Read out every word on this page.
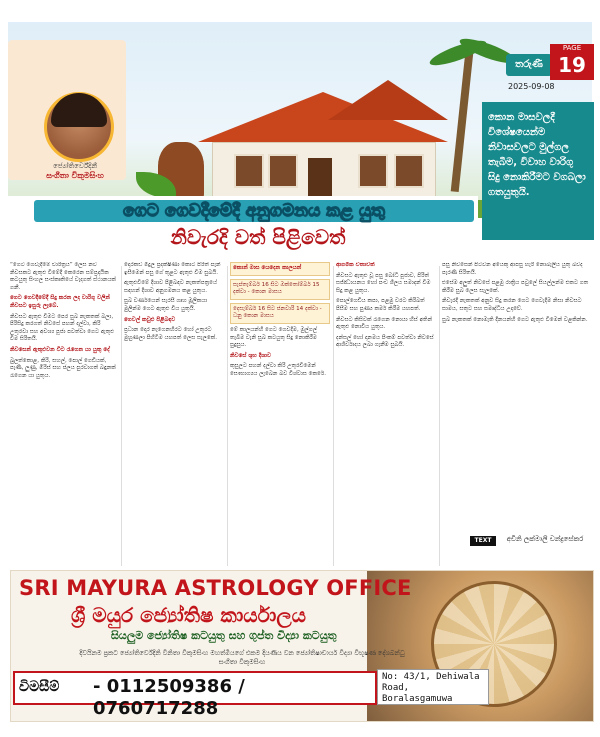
ජ්‍යෝතිර්වේදිනී
සංගීතා විකුමසිංහ
තරුණී
PAGE
19
2025-09-08
කොන මාසවලදී විශේෂයෙන්ම නිවාසවලට මුල්ගල තැබීම, විවාහ වාරිගු සිදු නොකිරීමට වගබලා ගතයුතුයි.
ගෙට ගෙවදීමේදී අනුගමනය කළ යුතු
නිවැරදි වත් පිළිවෙත්

“ගෙට ගෙවැදීමේ චාරිත්‍රය” ලෙස නව නිවසකට ඇතුළු වීමේදී කෙරෙන සම්ප්‍රදායික කටයුතු සිංහල සංස්කෘතියේ වැදගත් ස්ථානයක් ගනී.

ගෙට ගෙවදීමේදී සිදු කරන ලද වාරිගු වලින් නිවසට ඉසුරු ලැබේ.

නිවසට ඇතුළු වීමට පෙර සුබ නැකතක් බලා, පිරිසිදු කරගත් නිවසේ පහන් දල්වා, කිරි උතුරවා සහ අවශ්‍ය පූජා පවත්වා ගෙට ඇතුළු වීම සිරිතයි.

නිවසෙන් ඇතුළුවන විට රැගෙන යා යුතු දේ

බුලත්කොළ, කිරි, සහල්, පොල් ගෙඩියක්, පැණි, ලුණු, මිරිස් සහ ජලය පුරවාගත් බඳුනක් රැගෙන යා යුතුය.

දොරකඩ මිදුල ප්‍රදක්ෂිණා කොට පිරිත් පැන් ඉසීමෙන් පසු ගේ තුළට ඇතුළු වීම සුබයි.

ඇතුළුවීමේ දිශාව පිළිබඳව නැකත්පත්‍රයේ සඳහන් දිශාව අනුගමනය කළ යුතුය.

සුබ වර්ණයෙන් සැරසී ගෘහ මූලිකයා මුලින්ම ගෙට ඇතුළු විය යුතුයි.

ගෙවල් කවුළු පිළිබඳව

ප්‍රධාන දොර නැගෙනහිරට හෝ උතුරට මුහුණලා පිහිටීම යහපත් ලෙස සැලකේ.

කොන් මාස යෙදෙන කාලයන්

සැප්තැම්බර් 16 සිට ඔක්තෝම්බර් 15 දක්වා - කොන මාසය

දෙසැම්බර් 16 සිට ජනවාරි 14 දක්වා - ධනු කොන මාසය

මේ කාලයන්හි ගෙට ගෙවදීම, මුල්ගල් තැබීම වැනි සුබ කටයුතු සිදු නොකිරීම සුදුසුය.

නිවසේ ශුභ දිශාව

කුසුලට පහන් දල්වා කිරි උතුරවීමෙන් සෞභාග්‍යය ලැබෙන බව විශ්වාස කෙරේ.

ආගමික වතාවත්

නිවසට ඇතුළු වූ පසු බෝධි පූජාව, පිරිත් සජ්ඣායනය හෝ පංච ශීලය සමාදන් වීම සිදු කළ යුතුය.

පොල්ගෙඩිය කපා, පළමු වරට කිරිබත් පිසීම සහ පුණ්‍ය කර්ම කිරීම යහපත්.

නිවසට කිසිවක් රැගෙන නොයා හිස් අතින් ඇතුළු නොවිය යුතුය.

දන්සල් හෝ දානමය පිංකම් පවත්වා නිවසේ ආශිර්වාදය ලබා ගැනීම සුබයි.

පසු නිවසෙන් පිටවන අයෙකු ආපසු හැරී නොබැලිය යුතු බවද පැරණි සිරිතයි.

එසේම අලුත් නිවසේ පළමු රාත්‍රිය පවුලේ සියල්ලන්ම එකට ගත කිරීම සුබ ලෙස සැලකේ.

නිවැරදි නැකතක් අනුව සිදු කරන ගෙට ගෙවැදීම නිසා නිවසට සාමය, සතුට සහ සමෘද්ධිය උදාවේ.

සුබ නැකතක් නොමැති දිනයන්හි ගෙට ඇතුළු වීමෙන් වළකින්න.

TEXT	අචිනි ලක්මාලි චන්ද්‍රසේකර
SRI MAYURA ASTROLOGY OFFICE
ශ්‍රී මයුර ජ්‍යෝතිෂ කාර්යාලය
සියලුම ජ්‍යෝතිෂ කටයුතු සහ ගුප්ත විද්‍යා කටයුතු
දිවයිනම ප්‍රකට ජ්‍යෝතිර්වේදිනි විනිතා විකුමසිංහ මහත්මියගේ එකම දියණිය වන ජ්‍යෝතිෂාචාර්ය විද්‍යා විභූෂණ දේශබන්ධු සංගීතා විකුමසිංහ
විමසීම් - 0112509386 / 0760717288
No: 43/1, Dehiwala Road, Boralasgamuwa
